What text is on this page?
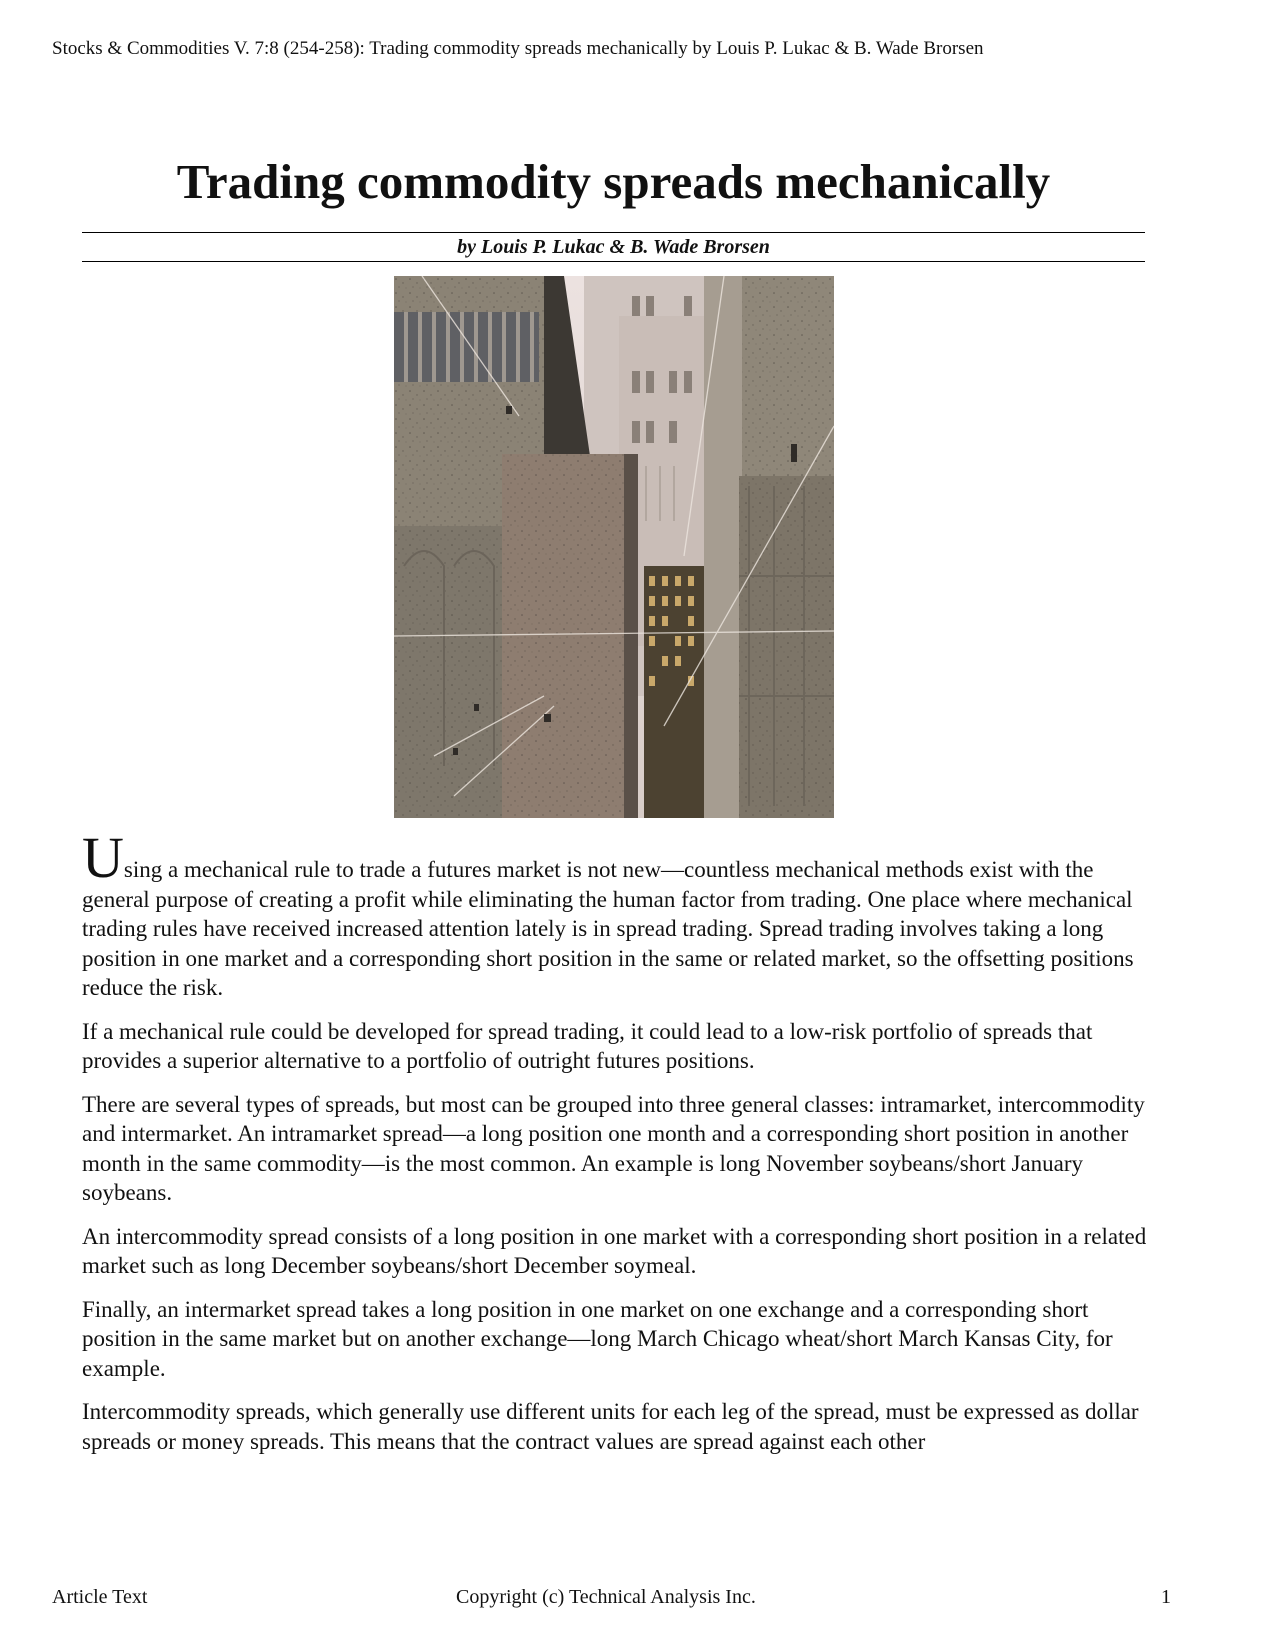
Stocks & Commodities V. 7:8 (254-258): Trading commodity spreads mechanically by Louis P. Lukac & B. Wade Brorsen
Trading commodity spreads mechanically
by Louis P. Lukac & B. Wade Brorsen

Using a mechanical rule to trade a futures market is not new—countless mechanical methods exist with the general purpose of creating a profit while eliminating the human factor from trading. One place where mechanical trading rules have received increased attention lately is in spread trading. Spread trading involves taking a long position in one market and a corresponding short position in the same or related market, so the offsetting positions reduce the risk.

If a mechanical rule could be developed for spread trading, it could lead to a low-risk portfolio of spreads that provides a superior alternative to a portfolio of outright futures positions.

There are several types of spreads, but most can be grouped into three general classes: intramarket, intercommodity and intermarket. An intramarket spread—a long position one month and a corresponding short position in another month in the same commodity—is the most common. An example is long November soybeans/short January soybeans.

An intercommodity spread consists of a long position in one market with a corresponding short position in a related market such as long December soybeans/short December soymeal.

Finally, an intermarket spread takes a long position in one market on one exchange and a corresponding short position in the same market but on another exchange—long March Chicago wheat/short March Kansas City, for example.

Intercommodity spreads, which generally use different units for each leg of the spread, must be expressed as dollar spreads or money spreads. This means that the contract values are spread against each other

Article Text	Copyright (c) Technical Analysis Inc.	1
